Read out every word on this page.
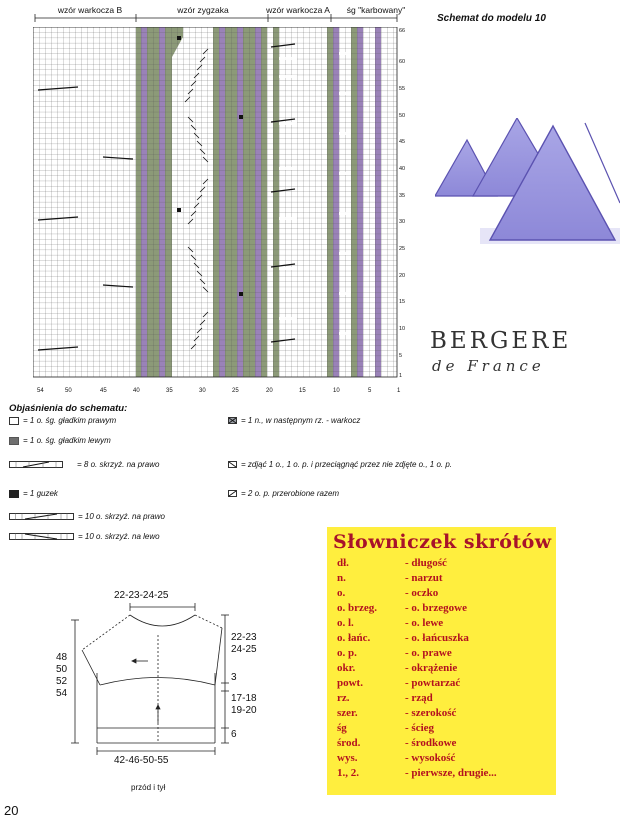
wzór warkocza B	wzór zygzaka	wzór warkocza A	śg "karbowany"
Schemat do modelu 10
66
60
55
50
45
40
35
30
25
20
15
10
5
1
54	50	45	40	35	30	25	20	15	10	5	1
BERGERE
de France
Objaśnienia do schematu:
= 1 o. śg. gładkim prawym
= 1 o. śg. gładkim lewym
= 8 o. skrzyż. na prawo
= 1 guzek
= 10 o. skrzyż. na prawo
= 10 o. skrzyż. na lewo
= 1 n., w następnym rz. - warkocz
= zdjąć 1 o., 1 o. p. i przeciągnąć przez nie zdjęte o., 1 o. p.
= 2 o. p. przerobione razem
Słowniczek skrótów
dł.	- długość
n.	- narzut
o.	- oczko
o. brzeg.	- o. brzegowe
o. l.	- o. lewe
o. łańc.	- o. łańcuszka
o. p.	- o. prawe
okr.	- okrążenie
powt.	- powtarzać
rz.	- rząd
szer.	- szerokość
śg	- ścieg
środ.	- środkowe
wys.	- wysokość
1., 2.	- pierwsze, drugie...
22-23-24-25
48
50
52
54
22-23
24-25
3
17-18
19-20
6
42-46-50-55
przód i tył
20
